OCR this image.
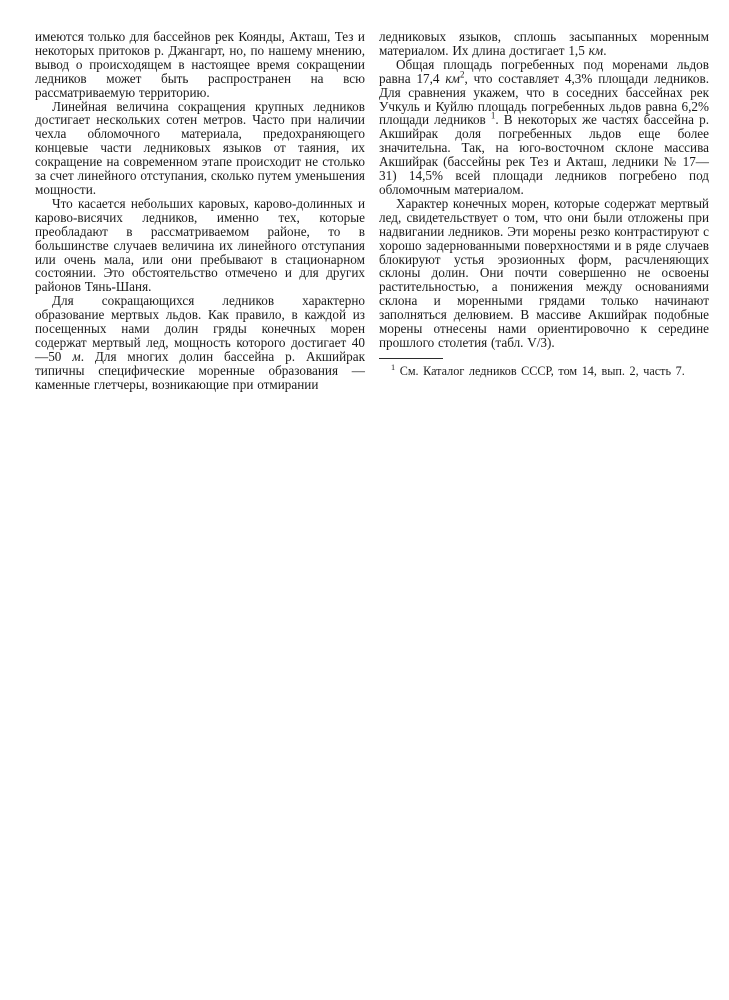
имеются только для бассейнов рек Коянды, Акташ, Тез и некоторых притоков р. Джангарт, но, по нашему мнению, вывод о происходящем в настоящее время сокращении ледников может быть распространен на всю рассматриваемую территорию.

Линейная величина сокращения крупных ледников достигает нескольких сотен метров. Часто при наличии чехла обломочного материала, предохраняющего концевые части ледниковых языков от таяния, их сокращение на современном этапе происходит не столько за счет линейного отступания, сколько путем уменьшения мощности.

Что касается небольших каровых, карово-долинных и карово-висячих ледников, именно тех, которые преобладают в рассматриваемом районе, то в большинстве случаев величина их линейного отступания или очень мала, или они пребывают в стационарном состоянии. Это обстоятельство отмечено и для других районов Тянь-Шаня.

Для сокращающихся ледников характерно образование мертвых льдов. Как правило, в каждой из посещенных нами долин гряды конечных морен содержат мертвый лед, мощность которого достигает 40—50 м. Для многих долин бассейна р. Акшийрак типичны специфические моренные образования — каменные глетчеры, возникающие при отмирании

ледниковых языков, сплошь засыпанных моренным материалом. Их длина достигает 1,5 км.

Общая площадь погребенных под моренами льдов равна 17,4 $км^2$, что составляет 4,3% площади ледников. Для сравнения укажем, что в соседних бассейнах рек Учкуль и Куйлю площадь погребенных льдов равна 6,2% площади ледников $^1$. В некоторых же частях бассейна р. Акшийрак доля погребенных льдов еще более значительна. Так, на юго-восточном склоне массива Акшийрак (бассейны рек Тез и Акташ, ледники № 17—31) 14,5% всей площади ледников погребено под обломочным материалом.

Характер конечных морен, которые содержат мертвый лед, свидетельствует о том, что они были отложены при надвигании ледников. Эти морены резко контрастируют с хорошо задернованными поверхностями и в ряде случаев блокируют устья эрозионных форм, расчленяющих склоны долин. Они почти совершенно не освоены растительностью, а понижения между основаниями склона и моренными грядами только начинают заполняться делювием. В массиве Акшийрак подобные морены отнесены нами ориентировочно к середине прошлого столетия (табл. V/3).

$^1$ См. Каталог ледников СССР, том 14, вып. 2, часть 7.
